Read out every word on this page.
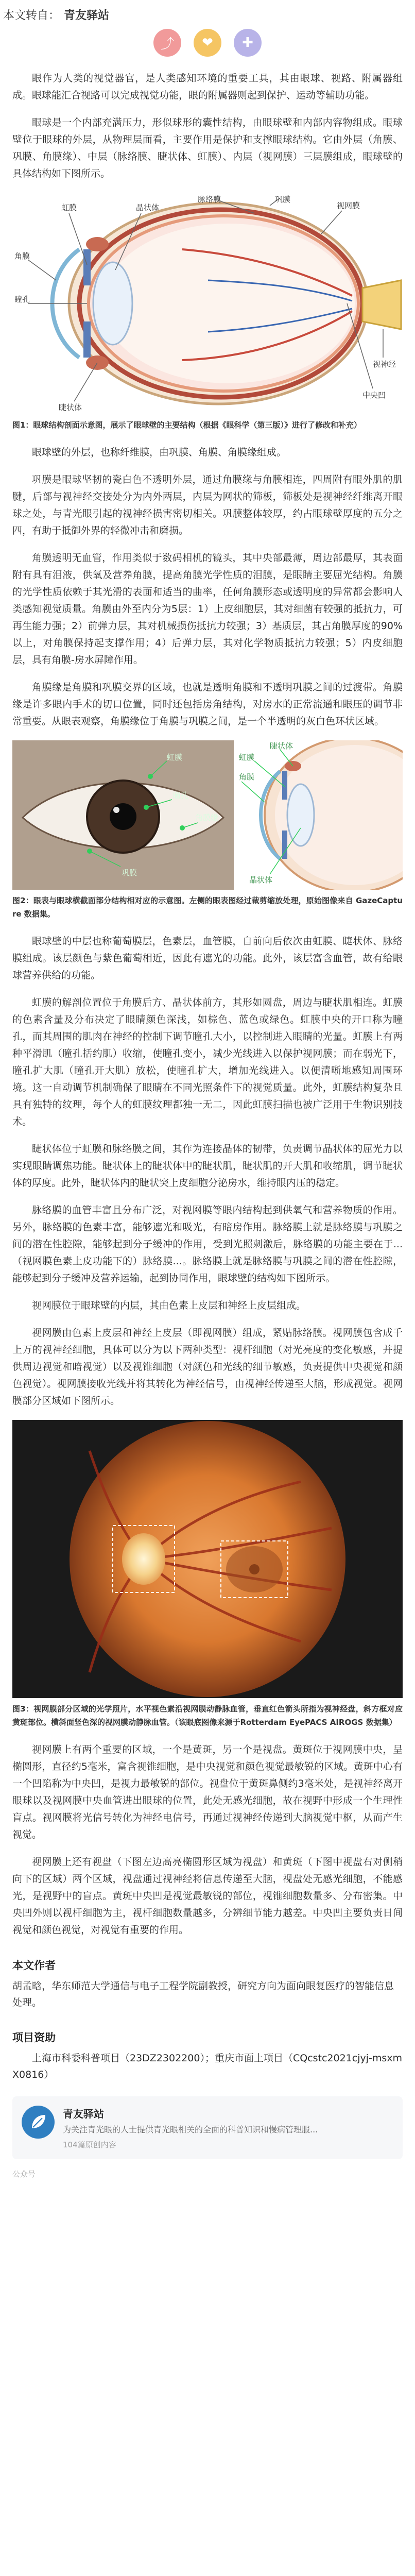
本文转自： 青友驿站
⤴	❤	✚

眼作为人类的视觉器官，是人类感知环境的重要工具，其由眼球、视路、附属器组成。眼球能汇合视路可以完成视觉功能，眼的附属器则起到保护、运动等辅助功能。

眼球是一个内部充满压力，形似球形的囊性结构，由眼球壁和内部内容物组成。眼球壁位于眼球的外层，从物理层面看，主要作用是保护和支撑眼球结构。它由外层（角膜、巩膜、角膜缘）、中层（脉络膜、睫状体、虹膜）、内层（视网膜）三层膜组成，眼球壁的具体结构如下图所示。

角膜
瞳孔
晶状体
虹膜
睫状体
巩膜
脉络膜
视网膜
视神经
中央凹
图1：眼球结构剖面示意图，展示了眼球壁的主要结构（根据《眼科学（第三版）》进行了修改和补充）

眼球壁的外层，也称纤维膜，由巩膜、角膜、角膜缘组成。

巩膜是眼球坚韧的瓷白色不透明外层，通过角膜缘与角膜相连，四周附有眼外肌的肌腱，后部与视神经交接处分为内外两层，内层为网状的筛板，筛板处是视神经纤维离开眼球之处，与青光眼引起的视神经损害密切相关。巩膜整体较厚，约占眼球壁厚度的五分之四，有助于抵御外界的轻微冲击和磨损。

角膜透明无血管，作用类似于数码相机的镜头，其中央部最薄，周边部最厚，其表面附有具有泪液，供氧及营养角膜，提高角膜光学性质的泪膜，是眼睛主要屈光结构。角膜的光学性质依赖于其光滑的表面和适当的曲率，任何角膜形态或透明度的异常都会影响人类感知视觉质量。角膜由外至内分为5层：1）上皮细胞层，其对细菌有较强的抵抗力，可再生能力强；2）前弹力层，其对机械损伤抵抗力较强；3）基质层，其占角膜厚度的90%以上，对角膜保持起支撑作用；4）后弹力层，其对化学物质抵抗力较强；5）内皮细胞层，具有角膜-房水屏障作用。

角膜缘是角膜和巩膜交界的区域，也就是透明角膜和不透明巩膜之间的过渡带。角膜缘是许多眼内手术的切口位置，同时还包括房角结构，对房水的正常流通和眼压的调节非常重要。从眼表观察，角膜缘位于角膜与巩膜之间，是一个半透明的灰白色环状区域。

虹膜
瞳孔
角膜缘
巩膜
角膜
虹膜
睫状体
晶状体
图2：眼表与眼球横截面部分结构相对应的示意图。左侧的眼表图经过裁剪缩放处理，原始图像来自 GazeCapture 数据集。

眼球壁的中层也称葡萄膜层，色素层，血管膜，自前向后依次由虹膜、睫状体、脉络膜组成。该层颜色与紫色葡萄相近，因此有遮光的功能。此外，该层富含血管，故有给眼球营养供给的功能。

虹膜的解剖位置位于角膜后方、晶状体前方，其形如圆盘，周边与睫状肌相连。虹膜的色素含量及分布决定了眼睛颜色深浅，如棕色、蓝色或绿色。虹膜中央的开口称为瞳孔，而其周围的肌肉在神经的控制下调节瞳孔大小，以控制进入眼睛的光量。虹膜上有两种平滑肌（瞳孔括约肌）收缩，使瞳孔变小，减少光线进入以保护视网膜；而在弱光下，瞳孔扩大肌（瞳孔开大肌）放松，使瞳孔扩大，增加光线进入。以便清晰地感知周围环境。这一自动调节机制确保了眼睛在不同光照条件下的视觉质量。此外，虹膜结构复杂且具有独特的纹理，每个人的虹膜纹理都独一无二，因此虹膜扫描也被广泛用于生物识别技术。

睫状体位于虹膜和脉络膜之间，其作为连接晶体的韧带，负责调节晶状体的屈光力以实现眼睛调焦功能。睫状体上的睫状体中的睫状肌，睫状肌的开大肌和收缩肌，调节睫状体的厚度。此外，睫状体内的睫状突上皮细胞分泌房水，维持眼内压的稳定。

脉络膜的血管丰富且分布广泛，对视网膜等眼内结构起到供氧气和营养物质的作用。另外，脉络膜的色素丰富，能够遮光和吸光，有暗房作用。脉络膜上就是脉络膜与巩膜之间的潜在性腔隙，能够起到分子缓冲的作用，受到光照刺激后，脉络膜的功能主要在于...（视网膜色素上皮功能下的）脉络膜...。脉络膜上就是脉络膜与巩膜之间的潜在性腔隙，能够起到分子缓冲及营养运输，起到协同作用，眼球壁的结构如下图所示。

视网膜位于眼球壁的内层，其由色素上皮层和神经上皮层组成。

视网膜由色素上皮层和神经上皮层（即视网膜）组成，紧贴脉络膜。视网膜包含成千上万的视神经细胞，具体可以分为以下两种类型：视杆细胞（对光亮度的变化敏感，并提供周边视觉和暗视觉）以及视锥细胞（对颜色和光线的细节敏感，负责提供中央视觉和颜色视觉）。视网膜接收光线并将其转化为神经信号，由视神经传递至大脑，形成视觉。视网膜部分区域如下图所示。

图3：视网膜部分区域的光学照片，水平视色素沿视网膜动静脉血管，垂直红色箭头所指为视神经盘，斜方框对应黄斑部位。横斜面竖色深的视网膜动静脉血管。（该眼底图像来源于Rotterdam EyePACS AIROGS 数据集）

视网膜上有两个重要的区域，一个是黄斑，另一个是视盘。黄斑位于视网膜中央，呈椭圆形，直径约5毫米，富含视锥细胞，是中央视觉和颜色视觉最敏锐的区域。黄斑中心有一个凹陷称为中央凹，是视力最敏锐的部位。视盘位于黄斑鼻侧约3毫米处，是视神经离开眼球以及视网膜中央血管进出眼球的位置，此处无感光细胞，故在视野中形成一个生理性盲点。视网膜将光信号转化为神经电信号，再通过视神经传递到大脑视觉中枢，从而产生视觉。

视网膜上还有视盘（下图左边高亮椭圆形区域为视盘）和黄斑（下图中视盘右对侧稍向下的区域）两个区域，视盘通过视神经将信息传递至大脑，视盘处无感光细胞，不能感光，是视野中的盲点。黄斑中央凹是视觉最敏锐的部位，视锥细胞数量多、分布密集。中央凹外则以视杆细胞为主，视杆细胞数量越多，分辨细节能力越差。中央凹主要负责日间视觉和颜色视觉，对视觉有重要的作用。

本文作者
胡孟晗，华东师范大学通信与电子工程学院副教授，研究方向为面向眼复医疗的智能信息处理。
项目资助
上海市科委科普项目（23DZ2302200）；重庆市面上项目（CQcstc2021cjyj-msxmX0816）
青友驿站
为关注青光眼的人士提供青光眼相关的全面的科普知识和慢病管理服...
104篇原创内容
公众号
